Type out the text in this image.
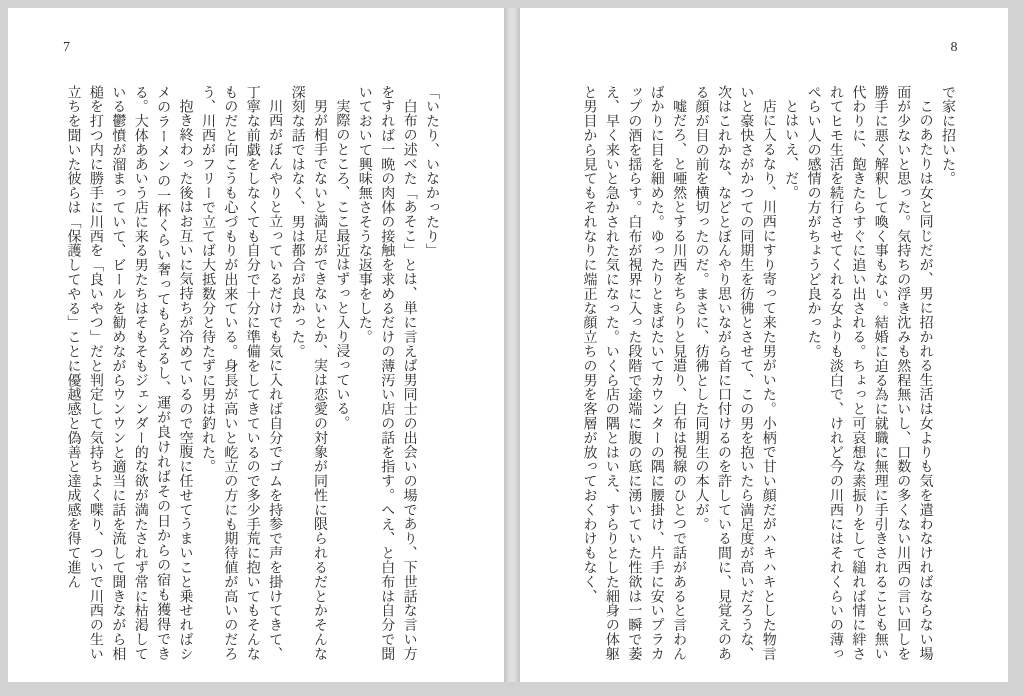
7

「いたり、いなかったり」

白布の述べた「あそこ」とは、単に言えば男同士の出会いの場であり、下世話な言い方をすれば一晩の肉体の接触を求めるだけの薄汚い店の話を指す。へえ、と白布は自分で聞いておいて興味無さそうな返事をした。

実際のところ、ここ最近はずっと入り浸っている。

男が相手でないと満足ができないとか、実は恋愛の対象が同性に限られるだとかそんな深刻な話ではなく、男は都合が良かった。

川西がぼんやりと立っているだけでも気に入れば自分でゴムを持参で声を掛けてきて、丁寧な前戯をしなくても自分で十分に準備をしてきているので多少手荒に抱いてもそんなものだと向こうも心づもりが出来ている。身長が高いと屹立の方にも期待値が高いのだろう、川西がフリーで立てば大抵数分と待たずに男は釣れた。

抱き終わった後はお互いに気持ちが冷めているので空腹に任せてうまいこと乗せればシメのラーメンの一杯くらい奢ってもらえるし、運が良ければその日からの宿も獲得できる。大体ああいう店に来る男たちはそもそもジェンダー的な欲が満たされず常に枯渇している鬱憤が溜まっていて、ビールを勧めながらウンウンと適当に話を流して聞きながら相槌を打つ内に勝手に川西を「良いやつ」だと判定して気持ちよく喋り、ついで川西の生い立ちを聞いた彼らは「保護してやる」ことに優越感と偽善と達成感を得て進ん

8

で家に招いた。

このあたりは女と同じだが、男に招かれる生活は女よりも気を遣わなければならない場面が少ないと思った。気持ちの浮き沈みも然程無いし、口数の多くない川西の言い回しを勝手に悪く解釈して喚く事もない。結婚に迫る為に就職に無理に手引きされることも無い代わりに、飽きたらすぐに追い出される。ちょっと可哀想な素振りをして縋れば情に絆されてヒモ生活を続行させてくれる女よりも淡白で、けれど今の川西にはそれくらいの薄っぺらい人の感情の方がちょうど良かった。

とはいえ、だ。

店に入るなり、川西にすり寄って来た男がいた。小柄で甘い顔だがハキハキとした物言いと豪快さがかつての同期生を彷彿とさせて、この男を抱いたら満足度が高いだろうな、次はこれかな、などとぼんやり思いながら首に口付けるのを許している間に、見覚えのある顔が目の前を横切ったのだ。まさに、彷彿とした同期生の本人が。

嘘だろ、と唖然とする川西をちらりと見遣り、白布は視線のひとつで話があると言わんばかりに目を細めた。ゆったりとまばたいてカウンターの隅に腰掛け、片手に安いプラカップの酒を揺らす。白布が視界に入った段階で途端に腹の底に湧いていた性欲は一瞬で萎え、早く来いと急かされた気になった。いくら店の隅とはいえ、すらりとした細身の体躯と男目から見てもそれなりに端正な顔立ちの男を客層が放っておくわけもなく、
